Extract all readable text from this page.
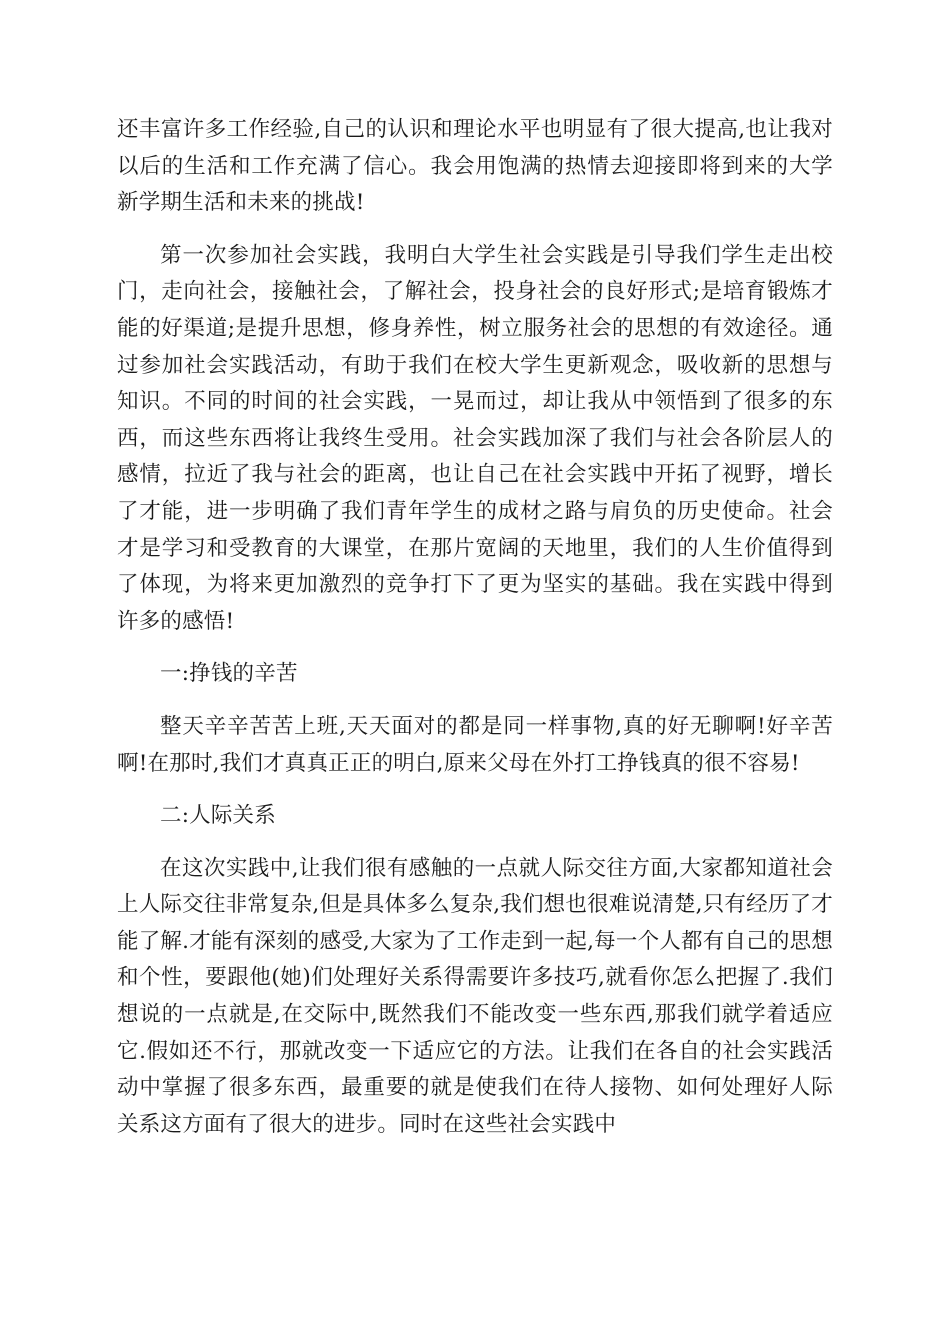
还丰富许多工作经验,自己的认识和理论水平也明显有了很大提高,也让我对以后的生活和工作充满了信心。我会用饱满的热情去迎接即将到来的大学新学期生活和未来的挑战!

第一次参加社会实践，我明白大学生社会实践是引导我们学生走出校门，走向社会，接触社会，了解社会，投身社会的良好形式;是培育锻炼才能的好渠道;是提升思想，修身养性，树立服务社会的思想的有效途径。通过参加社会实践活动，有助于我们在校大学生更新观念，吸收新的思想与知识。不同的时间的社会实践，一晃而过，却让我从中领悟到了很多的东西，而这些东西将让我终生受用。社会实践加深了我们与社会各阶层人的感情，拉近了我与社会的距离，也让自己在社会实践中开拓了视野，增长了才能，进一步明确了我们青年学生的成材之路与肩负的历史使命。社会才是学习和受教育的大课堂，在那片宽阔的天地里，我们的人生价值得到了体现，为将来更加激烈的竞争打下了更为坚实的基础。我在实践中得到许多的感悟!

一:挣钱的辛苦

整天辛辛苦苦上班,天天面对的都是同一样事物,真的好无聊啊!好辛苦啊!在那时,我们才真真正正的明白,原来父母在外打工挣钱真的很不容易!

二:人际关系

在这次实践中,让我们很有感触的一点就人际交往方面,大家都知道社会上人际交往非常复杂,但是具体多么复杂,我们想也很难说清楚,只有经历了才能了解.才能有深刻的感受,大家为了工作走到一起,每一个人都有自己的思想和个性，要跟他(她)们处理好关系得需要许多技巧,就看你怎么把握了.我们想说的一点就是,在交际中,既然我们不能改变一些东西,那我们就学着适应它.假如还不行，那就改变一下适应它的方法。让我们在各自的社会实践活动中掌握了很多东西，最重要的就是使我们在待人接物、如何处理好人际关系这方面有了很大的进步。同时在这些社会实践中
